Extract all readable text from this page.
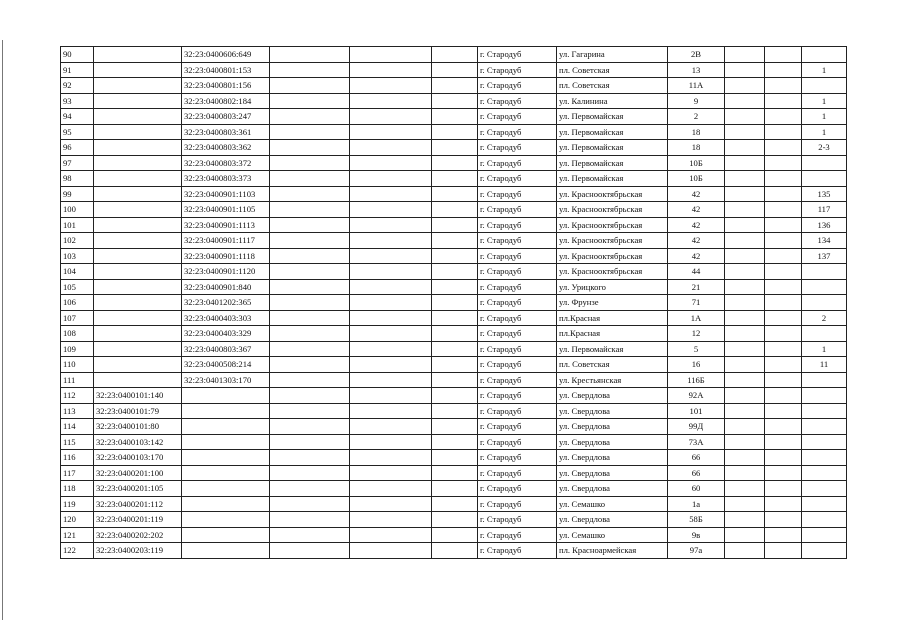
90		32:23:0400606:649				г. Стародуб	ул. Гагарина	2В			
91		32:23:0400801:153				г. Стародуб	пл. Советская	13			1
92		32:23:0400801:156				г. Стародуб	пл. Советская	11А			
93		32:23:0400802:184				г. Стародуб	ул. Калинина	9			1
94		32:23:0400803:247				г. Стародуб	ул. Первомайская	2			1
95		32:23:0400803:361				г. Стародуб	ул. Первомайская	18			1
96		32:23:0400803:362				г. Стародуб	ул. Первомайская	18			2-3
97		32:23:0400803:372				г. Стародуб	ул. Первомайская	10Б			
98		32:23:0400803:373				г. Стародуб	ул. Первомайская	10Б			
99		32:23:0400901:1103				г. Стародуб	ул. Краснооктябрьская	42			135
100		32:23:0400901:1105				г. Стародуб	ул. Краснооктябрьская	42			117
101		32:23:0400901:1113				г. Стародуб	ул. Краснооктябрьская	42			136
102		32:23:0400901:1117				г. Стародуб	ул. Краснооктябрьская	42			134
103		32:23:0400901:1118				г. Стародуб	ул. Краснооктябрьская	42			137
104		32:23:0400901:1120				г. Стародуб	ул. Краснооктябрьская	44			
105		32:23:0400901:840				г. Стародуб	ул. Урицкого	21			
106		32:23:0401202:365				г. Стародуб	ул. Фрунзе	71			
107		32:23:0400403:303				г. Стародуб	пл.Красная	1А			2
108		32:23:0400403:329				г. Стародуб	пл.Красная	12			
109		32:23:0400803:367				г. Стародуб	ул. Первомайская	5			1
110		32:23:0400508:214				г. Стародуб	пл. Советская	16			11
111		32:23:0401303:170				г. Стародуб	ул. Крестьянская	116Б			
112	32:23:0400101:140					г. Стародуб	ул. Свердлова	92А			
113	32:23:0400101:79					г. Стародуб	ул. Свердлова	101			
114	32:23:0400101:80					г. Стародуб	ул. Свердлова	99Д			
115	32:23:0400103:142					г. Стародуб	ул. Свердлова	73А			
116	32:23:0400103:170					г. Стародуб	ул. Свердлова	66			
117	32:23:0400201:100					г. Стародуб	ул. Свердлова	66			
118	32:23:0400201:105					г. Стародуб	ул. Свердлова	60			
119	32:23:0400201:112					г. Стародуб	ул. Семашко	1а			
120	32:23:0400201:119					г. Стародуб	ул. Свердлова	58Б			
121	32:23:0400202:202					г. Стародуб	ул. Семашко	9в			
122	32:23:0400203:119					г. Стародуб	пл. Красноармейская	97а			
